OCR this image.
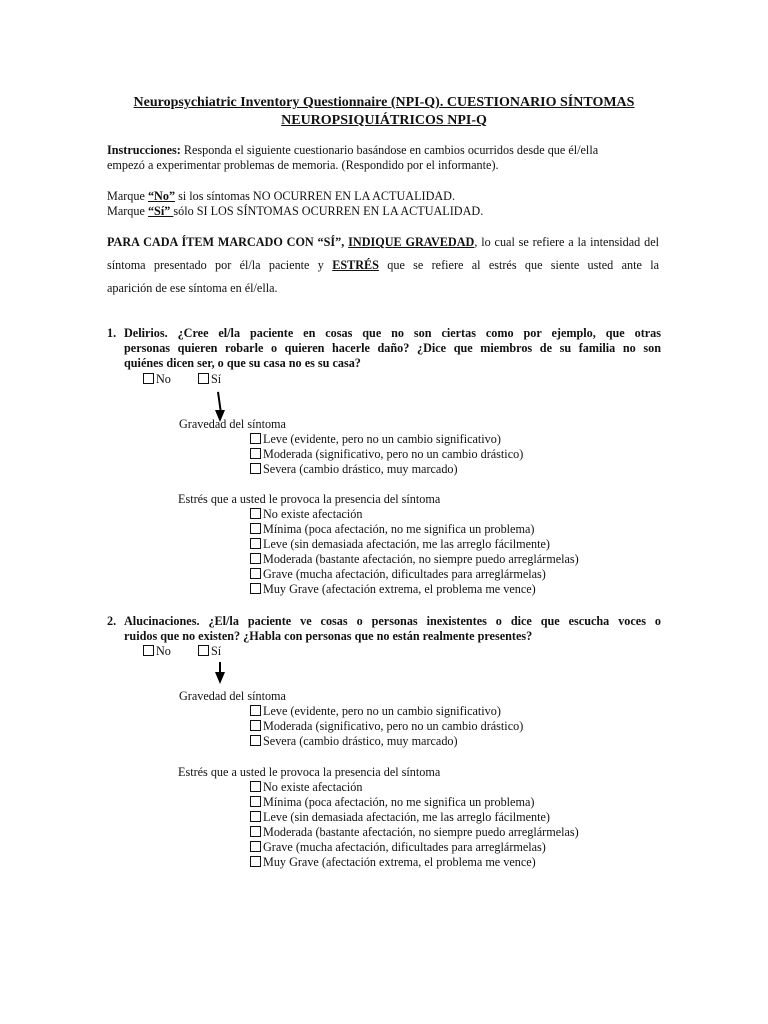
Neuropsychiatric Inventory Questionnaire (NPI-Q). CUESTIONARIO SÍNTOMAS
NEUROPSIQUIÁTRICOS NPI-Q
Instrucciones: Responda el siguiente cuestionario basándose en cambios ocurridos desde que él/ella
empezó a experimentar problemas de memoria. (Respondido por el informante).
Marque “No” si los síntomas NO OCURREN EN LA ACTUALIDAD.
Marque “Sí” sólo SI LOS SÍNTOMAS OCURREN EN LA ACTUALIDAD.
PARA CADA ÍTEM MARCADO CON “SÍ”, INDIQUE GRAVEDAD, lo cual se refiere a la intensidad del
síntoma presentado por él/la paciente y ESTRÉS que se refiere al estrés que siente usted ante la
aparición de ese síntoma en él/ella.
1. Delirios. ¿Cree el/la paciente en cosas que no son ciertas como por ejemplo, que otras
personas quieren robarle o quieren hacerle daño? ¿Dice que miembros de su familia no son
quiénes dicen ser, o que su casa no es su casa?
No	Sí
Gravedad del síntoma
Leve (evidente, pero no un cambio significativo)
Moderada (significativo, pero no un cambio drástico)
Severa (cambio drástico, muy marcado)
Estrés que a usted le provoca la presencia del síntoma
No existe afectación
Mínima (poca afectación, no me significa un problema)
Leve (sin demasiada afectación, me las arreglo fácilmente)
Moderada (bastante afectación, no siempre puedo arreglármelas)
Grave (mucha afectación, dificultades para arreglármelas)
Muy Grave (afectación extrema, el problema me vence)
2. Alucinaciones. ¿El/la paciente ve cosas o personas inexistentes o dice que escucha voces o
ruidos que no existen? ¿Habla con personas que no están realmente presentes?
No	Sí
Gravedad del síntoma
Leve (evidente, pero no un cambio significativo)
Moderada (significativo, pero no un cambio drástico)
Severa (cambio drástico, muy marcado)
Estrés que a usted le provoca la presencia del síntoma
No existe afectación
Mínima (poca afectación, no me significa un problema)
Leve (sin demasiada afectación, me las arreglo fácilmente)
Moderada (bastante afectación, no siempre puedo arreglármelas)
Grave (mucha afectación, dificultades para arreglármelas)
Muy Grave (afectación extrema, el problema me vence)
